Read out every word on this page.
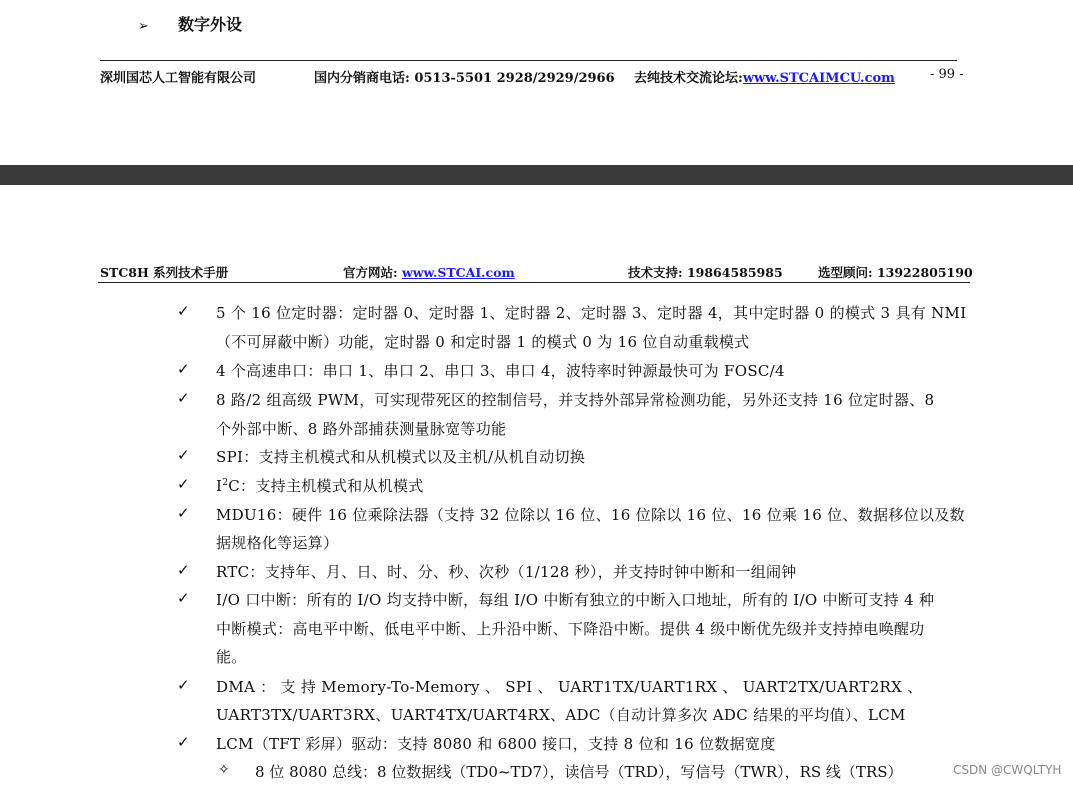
➢ 数字外设
深圳国芯人工智能有限公司	国内分销商电话: 0513-5501 2928/2929/2966 去纯技术交流论坛:www.STCAIMCU.com	- 99 -
STC8H 系列技术手册	官方网站: www.STCAI.com	技术支持: 19864585985	选型顾问: 13922805190
✓ 5 个 16 位定时器：定时器 0、定时器 1、定时器 2、定时器 3、定时器 4，其中定时器 0 的模式 3 具有 NMI
（不可屏蔽中断）功能，定时器 0 和定时器 1 的模式 0 为 16 位自动重载模式
✓ 4 个高速串口：串口 1、串口 2、串口 3、串口 4，波特率时钟源最快可为 FOSC/4
✓ 8 路/2 组高级 PWM，可实现带死区的控制信号，并支持外部异常检测功能，另外还支持 16 位定时器、8
个外部中断、8 路外部捕获测量脉宽等功能
✓ SPI：支持主机模式和从机模式以及主机/从机自动切换
✓ $I^2C$：支持主机模式和从机模式
✓ MDU16：硬件 16 位乘除法器（支持 32 位除以 16 位、16 位除以 16 位、16 位乘 16 位、数据移位以及数
据规格化等运算）
✓ RTC：支持年、月、日、时、分、秒、次秒（1/128 秒），并支持时钟中断和一组闹钟
✓ I/O 口中断：所有的 I/O 均支持中断，每组 I/O 中断有独立的中断入口地址，所有的 I/O 中断可支持 4 种
中断模式：高电平中断、低电平中断、上升沿中断、下降沿中断。提供 4 级中断优先级并支持掉电唤醒功
能。
✓ DMA ： 支 持 Memory-To-Memory 、 SPI 、 UART1TX/UART1RX 、 UART2TX/UART2RX 、
UART3TX/UART3RX、UART4TX/UART4RX、ADC（自动计算多次 ADC 结果的平均值）、LCM
✓ LCM（TFT 彩屏）驱动：支持 8080 和 6800 接口，支持 8 位和 16 位数据宽度
✧ 8 位 8080 总线：8 位数据线（TD0~TD7），读信号（TRD），写信号（TWR），RS 线（TRS）	CSDN @CWQLTYH
